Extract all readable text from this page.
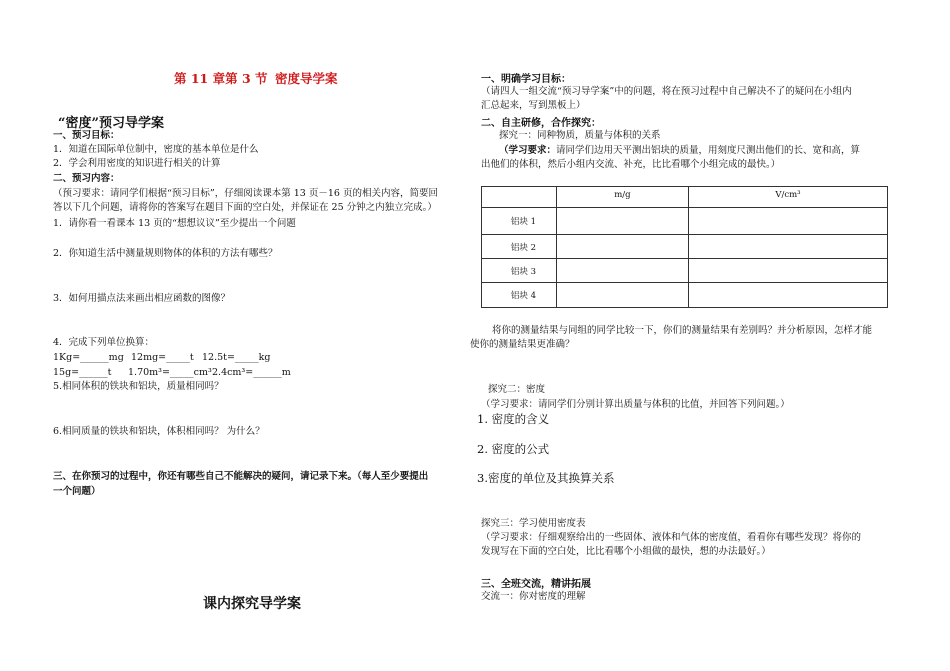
第 11 章第 3 节 密度导学案
“密度”预习导学案
一、预习目标：
1．知道在国际单位制中，密度的基本单位是什么
2．学会利用密度的知识进行相关的计算
二、预习内容：
（预习要求：请同学们根据“预习目标”，仔细阅读课本第 13 页－16 页的相关内容，简要回
答以下几个问题，请将你的答案写在题目下面的空白处，并保证在 25 分钟之内独立完成。）
1．请你看一看课本 13 页的“想想议议”至少提出一个问题
2．你知道生活中测量规则物体的体积的方法有哪些？
3．如何用描点法来画出相应函数的图像？
4．完成下列单位换算：
1Kg=______mg 12mg=_____t 12.5t=_____kg
15g=______t 1.70m³=_____cm³ 2.4cm³=______m
5.相同体积的铁块和铝块，质量相同吗？
6.相同质量的铁块和铝块，体积相同吗？ 为什么？
三、在你预习的过程中，你还有哪些自己不能解决的疑问，请记录下来。（每人至少要提出
一个问题）
课内探究导学案
一、明确学习目标：
（请四人一组交流“预习导学案”中的问题，将在预习过程中自己解决不了的疑问在小组内
汇总起来，写到黑板上）
二、自主研修，合作探究：
探究一：同种物质，质量与体积的关系
（学习要求：请同学们边用天平测出铝块的质量，用刻度尺测出他们的长、宽和高，算
出他们的体积，然后小组内交流、补充，比比看哪个小组完成的最快。）
	m/g	V/cm³
铝块 1		
铝块 2		
铝块 3		
铝块 4		
将你的测量结果与同组的同学比较一下，你们的测量结果有差别吗？并分析原因，怎样才能
使你的测量结果更准确？
探究二：密度
（学习要求：请同学们分别计算出质量与体积的比值，并回答下列问题。）
1. 密度的含义
2. 密度的公式
3.密度的单位及其换算关系
探究三：学习使用密度表
（学习要求：仔细观察给出的一些固体、液体和气体的密度值，看看你有哪些发现？将你的
发现写在下面的空白处，比比看哪个小组做的最快，想的办法最好。）
三、全班交流，精讲拓展
交流一：你对密度的理解
